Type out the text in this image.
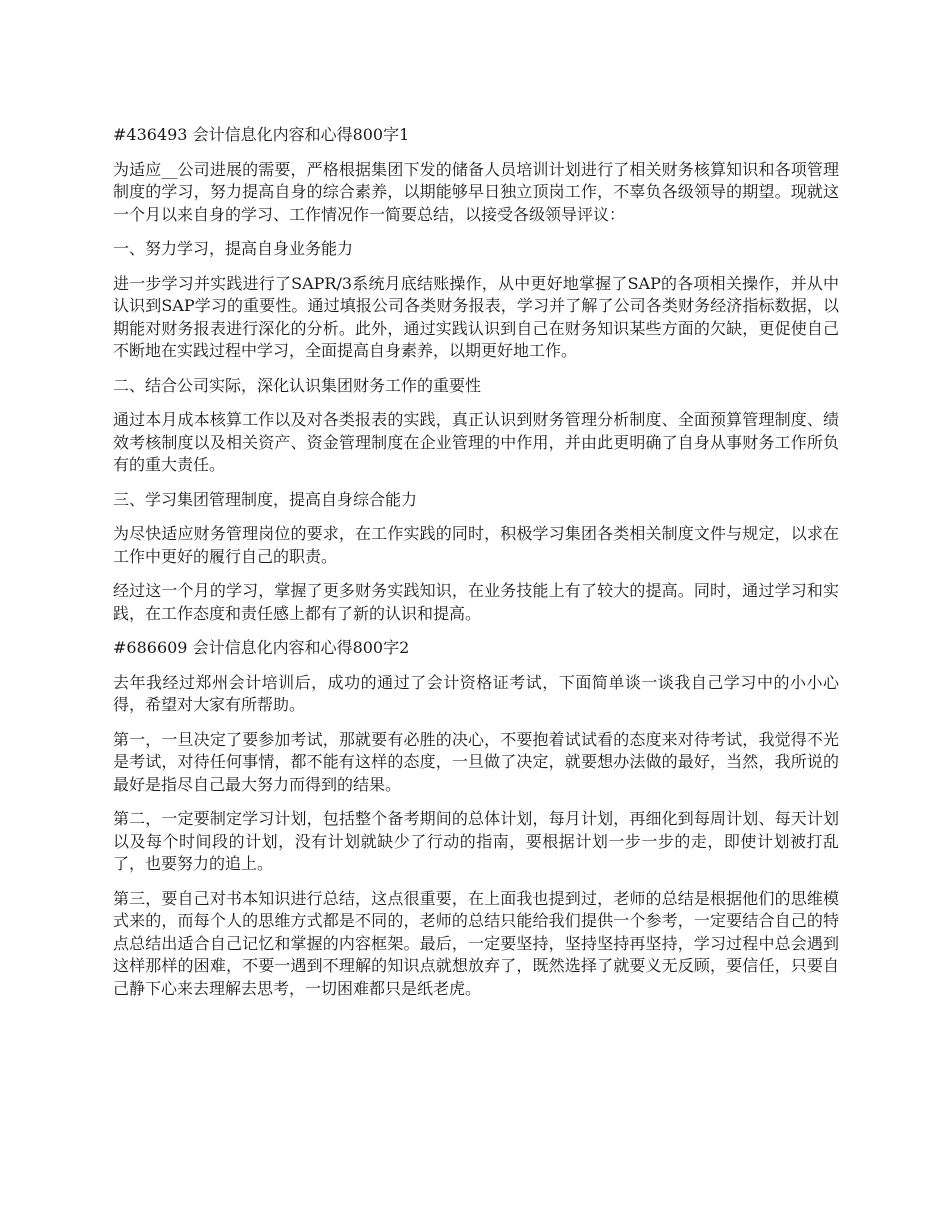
#436493 会计信息化内容和心得800字1

为适应__公司进展的需要，严格根据集团下发的储备人员培训计划进行了相关财务核算知识和各项管理制度的学习，努力提高自身的综合素养，以期能够早日独立顶岗工作，不辜负各级领导的期望。现就这一个月以来自身的学习、工作情况作一简要总结，以接受各级领导评议：

一、努力学习，提高自身业务能力

进一步学习并实践进行了SAPR/3系统月底结账操作，从中更好地掌握了SAP的各项相关操作，并从中认识到SAP学习的重要性。通过填报公司各类财务报表，学习并了解了公司各类财务经济指标数据，以期能对财务报表进行深化的分析。此外，通过实践认识到自己在财务知识某些方面的欠缺，更促使自己不断地在实践过程中学习，全面提高自身素养，以期更好地工作。

二、结合公司实际，深化认识集团财务工作的重要性

通过本月成本核算工作以及对各类报表的实践，真正认识到财务管理分析制度、全面预算管理制度、绩效考核制度以及相关资产、资金管理制度在企业管理的中作用，并由此更明确了自身从事财务工作所负有的重大责任。

三、学习集团管理制度，提高自身综合能力

为尽快适应财务管理岗位的要求，在工作实践的同时，积极学习集团各类相关制度文件与规定，以求在工作中更好的履行自己的职责。

经过这一个月的学习，掌握了更多财务实践知识，在业务技能上有了较大的提高。同时，通过学习和实践，在工作态度和责任感上都有了新的认识和提高。

#686609 会计信息化内容和心得800字2

去年我经过郑州会计培训后，成功的通过了会计资格证考试，下面简单谈一谈我自己学习中的小小心得，希望对大家有所帮助。

第一，一旦决定了要参加考试，那就要有必胜的决心，不要抱着试试看的态度来对待考试，我觉得不光是考试，对待任何事情，都不能有这样的态度，一旦做了决定，就要想办法做的最好，当然，我所说的最好是指尽自己最大努力而得到的结果。

第二，一定要制定学习计划，包括整个备考期间的总体计划，每月计划，再细化到每周计划、每天计划以及每个时间段的计划，没有计划就缺少了行动的指南，要根据计划一步一步的走，即使计划被打乱了，也要努力的追上。

第三，要自己对书本知识进行总结，这点很重要，在上面我也提到过，老师的总结是根据他们的思维模式来的，而每个人的思维方式都是不同的，老师的总结只能给我们提供一个参考，一定要结合自己的特点总结出适合自己记忆和掌握的内容框架。最后，一定要坚持，坚持坚持再坚持，学习过程中总会遇到这样那样的困难，不要一遇到不理解的知识点就想放弃了，既然选择了就要义无反顾，要信任，只要自己静下心来去理解去思考，一切困难都只是纸老虎。
